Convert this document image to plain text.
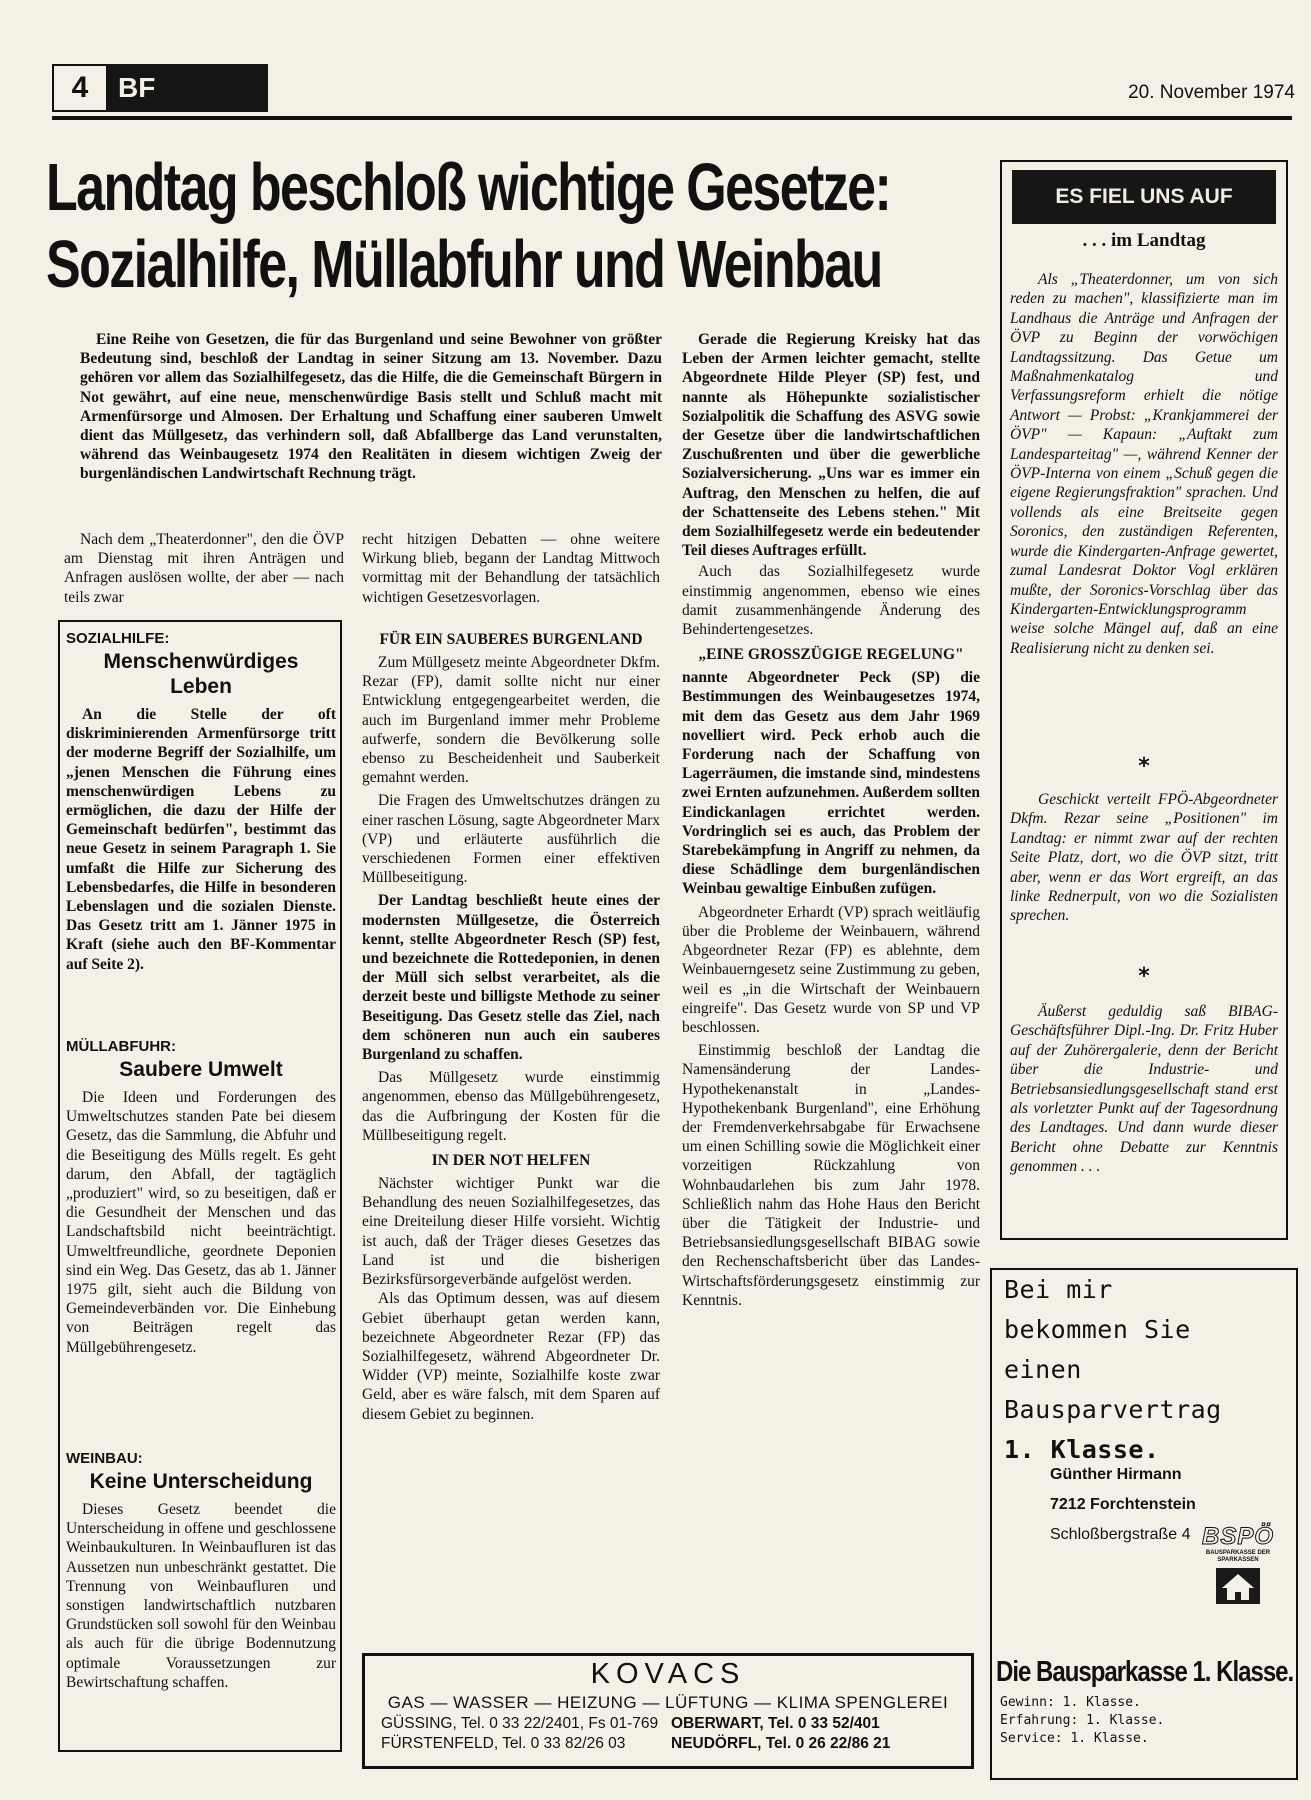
4	BF	20. November 1974
Landtag beschloß wichtige Gesetze:
Sozialhilfe, Müllabfuhr und Weinbau
Eine Reihe von Gesetzen, die für das Burgenland und seine Bewohner von größter Bedeutung sind, beschloß der Landtag in seiner Sitzung am 13. November. Dazu gehören vor allem das Sozialhilfegesetz, das die Hilfe, die die Gemeinschaft Bürgern in Not gewährt, auf eine neue, menschenwürdige Basis stellt und Schluß macht mit Armenfürsorge und Almosen. Der Erhaltung und Schaffung einer sauberen Umwelt dient das Müllgesetz, das verhindern soll, daß Abfallberge das Land verunstalten, während das Weinbaugesetz 1974 den Realitäten in diesem wichtigen Zweig der burgenländischen Landwirtschaft Rechnung trägt.
Nach dem „Theaterdonner", den die ÖVP am Dienstag mit ihren Anträgen und Anfragen auslösen wollte, der aber — nach teils zwar
recht hitzigen Debatten — ohne weitere Wirkung blieb, begann der Landtag Mittwoch vormittag mit der Behandlung der tatsächlich wichtigen Gesetzesvorlagen.
SOZIALHILFE:
Menschenwürdiges Leben
An die Stelle der oft diskriminierenden Armenfürsorge tritt der moderne Begriff der Sozialhilfe, um „jenen Menschen die Führung eines menschenwürdigen Lebens zu ermöglichen, die dazu der Hilfe der Gemeinschaft bedürfen", bestimmt das neue Gesetz in seinem Paragraph 1. Sie umfaßt die Hilfe zur Sicherung des Lebensbedarfes, die Hilfe in besonderen Lebenslagen und die sozialen Dienste. Das Gesetz tritt am 1. Jänner 1975 in Kraft (siehe auch den BF-Kommentar auf Seite 2).
MÜLLABFUHR:
Saubere Umwelt
Die Ideen und Forderungen des Umweltschutzes standen Pate bei diesem Gesetz, das die Sammlung, die Abfuhr und die Beseitigung des Mülls regelt. Es geht darum, den Abfall, der tagtäglich „produziert" wird, so zu beseitigen, daß er die Gesundheit der Menschen und das Landschaftsbild nicht beeinträchtigt. Umweltfreundliche, geordnete Deponien sind ein Weg. Das Gesetz, das ab 1. Jänner 1975 gilt, sieht auch die Bildung von Gemeindeverbänden vor. Die Einhebung von Beiträgen regelt das Müllgebührengesetz.
WEINBAU:
Keine Unterscheidung
Dieses Gesetz beendet die Unterscheidung in offene und geschlossene Weinbaukulturen. In Weinbaufluren ist das Aussetzen nun unbeschränkt gestattet. Die Trennung von Weinbaufluren und sonstigen landwirtschaftlich nutzbaren Grundstücken soll sowohl für den Weinbau als auch für die übrige Bodennutzung optimale Voraussetzungen zur Bewirtschaftung schaffen.
FÜR EIN SAUBERES BURGENLAND

Zum Müllgesetz meinte Abgeordneter Dkfm. Rezar (FP), damit sollte nicht nur einer Entwicklung entgegengearbeitet werden, die auch im Burgenland immer mehr Probleme aufwerfe, sondern die Bevölkerung solle ebenso zu Bescheidenheit und Sauberkeit gemahnt werden.

Die Fragen des Umweltschutzes drängen zu einer raschen Lösung, sagte Abgeordneter Marx (VP) und erläuterte ausführlich die verschiedenen Formen einer effektiven Müllbeseitigung.

Der Landtag beschließt heute eines der modernsten Müllgesetze, die Österreich kennt, stellte Abgeordneter Resch (SP) fest, und bezeichnete die Rottedeponien, in denen der Müll sich selbst verarbeitet, als die derzeit beste und billigste Methode zu seiner Beseitigung. Das Gesetz stelle das Ziel, nach dem schöneren nun auch ein sauberes Burgenland zu schaffen.

Das Müllgesetz wurde einstimmig angenommen, ebenso das Müllgebührengesetz, das die Aufbringung der Kosten für die Müllbeseitigung regelt.

IN DER NOT HELFEN

Nächster wichtiger Punkt war die Behandlung des neuen Sozialhilfegesetzes, das eine Dreiteilung dieser Hilfe vorsieht. Wichtig ist auch, daß der Träger dieses Gesetzes das Land ist und die bisherigen Bezirksfürsorgeverbände aufgelöst werden.

Als das Optimum dessen, was auf diesem Gebiet überhaupt getan werden kann, bezeichnete Abgeordneter Rezar (FP) das Sozialhilfegesetz, während Abgeordneter Dr. Widder (VP) meinte, Sozialhilfe koste zwar Geld, aber es wäre falsch, mit dem Sparen auf diesem Gebiet zu beginnen.

Gerade die Regierung Kreisky hat das Leben der Armen leichter gemacht, stellte Abgeordnete Hilde Pleyer (SP) fest, und nannte als Höhepunkte sozialistischer Sozialpolitik die Schaffung des ASVG sowie der Gesetze über die landwirtschaftlichen Zuschußrenten und über die gewerbliche Sozialversicherung. „Uns war es immer ein Auftrag, den Menschen zu helfen, die auf der Schattenseite des Lebens stehen." Mit dem Sozialhilfegesetz werde ein bedeutender Teil dieses Auftrages erfüllt.

Auch das Sozialhilfegesetz wurde einstimmig angenommen, ebenso wie eines damit zusammenhängende Änderung des Behindertengesetzes.

„EINE GROSSZÜGIGE REGELUNG"

nannte Abgeordneter Peck (SP) die Bestimmungen des Weinbaugesetzes 1974, mit dem das Gesetz aus dem Jahr 1969 novelliert wird. Peck erhob auch die Forderung nach der Schaffung von Lagerräumen, die imstande sind, mindestens zwei Ernten aufzunehmen. Außerdem sollten Eindickanlagen errichtet werden. Vordringlich sei es auch, das Problem der Starebekämpfung in Angriff zu nehmen, da diese Schädlinge dem burgenländischen Weinbau gewaltige Einbußen zufügen.

Abgeordneter Erhardt (VP) sprach weitläufig über die Probleme der Weinbauern, während Abgeordneter Rezar (FP) es ablehnte, dem Weinbauerngesetz seine Zustimmung zu geben, weil es „in die Wirtschaft der Weinbauern eingreife". Das Gesetz wurde von SP und VP beschlossen.

Einstimmig beschloß der Landtag die Namensänderung der Landes-Hypothekenanstalt in „Landes-Hypothekenbank Burgenland", eine Erhöhung der Fremdenverkehrsabgabe für Erwachsene um einen Schilling sowie die Möglichkeit einer vorzeitigen Rückzahlung von Wohnbaudarlehen bis zum Jahr 1978. Schließlich nahm das Hohe Haus den Bericht über die Tätigkeit der Industrie- und Betriebsansiedlungsgesellschaft BIBAG sowie den Rechenschaftsbericht über das Landes-Wirtschaftsförderungsgesetz einstimmig zur Kenntnis.

ES FIEL UNS AUF
. . . im Landtag
Als „Theaterdonner, um von sich reden zu machen", klassifizierte man im Landhaus die Anträge und Anfragen der ÖVP zu Beginn der vorwöchigen Landtagssitzung. Das Getue um Maßnahmenkatalog und Verfassungsreform erhielt die nötige Antwort — Probst: „Krankjammerei der ÖVP" — Kapaun: „Auftakt zum Landesparteitag" —, während Kenner der ÖVP-Interna von einem „Schuß gegen die eigene Regierungsfraktion" sprachen. Und vollends als eine Breitseite gegen Soronics, den zuständigen Referenten, wurde die Kindergarten-Anfrage gewertet, zumal Landesrat Doktor Vogl erklären mußte, der Soronics-Vorschlag über das Kindergarten-Entwicklungsprogramm weise solche Mängel auf, daß an eine Realisierung nicht zu denken sei.
*
Geschickt verteilt FPÖ-Abgeordneter Dkfm. Rezar seine „Positionen" im Landtag: er nimmt zwar auf der rechten Seite Platz, dort, wo die ÖVP sitzt, tritt aber, wenn er das Wort ergreift, an das linke Rednerpult, von wo die Sozialisten sprechen.
*
Äußerst geduldig saß BIBAG-Geschäftsführer Dipl.-Ing. Dr. Fritz Huber auf der Zuhörergalerie, denn der Bericht über die Industrie- und Betriebsansiedlungsgesellschaft stand erst als vorletzter Punkt auf der Tagesordnung des Landtages. Und dann wurde dieser Bericht ohne Debatte zur Kenntnis genommen . . .
KOVACS
GAS — WASSER — HEIZUNG — LÜFTUNG — KLIMA SPENGLEREI
GÜSSING, Tel. 0 33 22/2401, Fs 01-769 OBERWART, Tel. 0 33 52/401
FÜRSTENFELD, Tel. 0 33 82/26 03	NEUDÖRFL, Tel. 0 26 22/86 21
Bei mir
bekommen Sie
einen Bausparvertrag
1. Klasse.
Günther Hirmann
7212 Forchtenstein
Schloßbergstraße 4 BSPÖ
BAUSPARKASSE DER SPARKASSEN
Die Bausparkasse 1. Klasse.
Gewinn: 1. Klasse.
Erfahrung: 1. Klasse.
Service: 1. Klasse.
